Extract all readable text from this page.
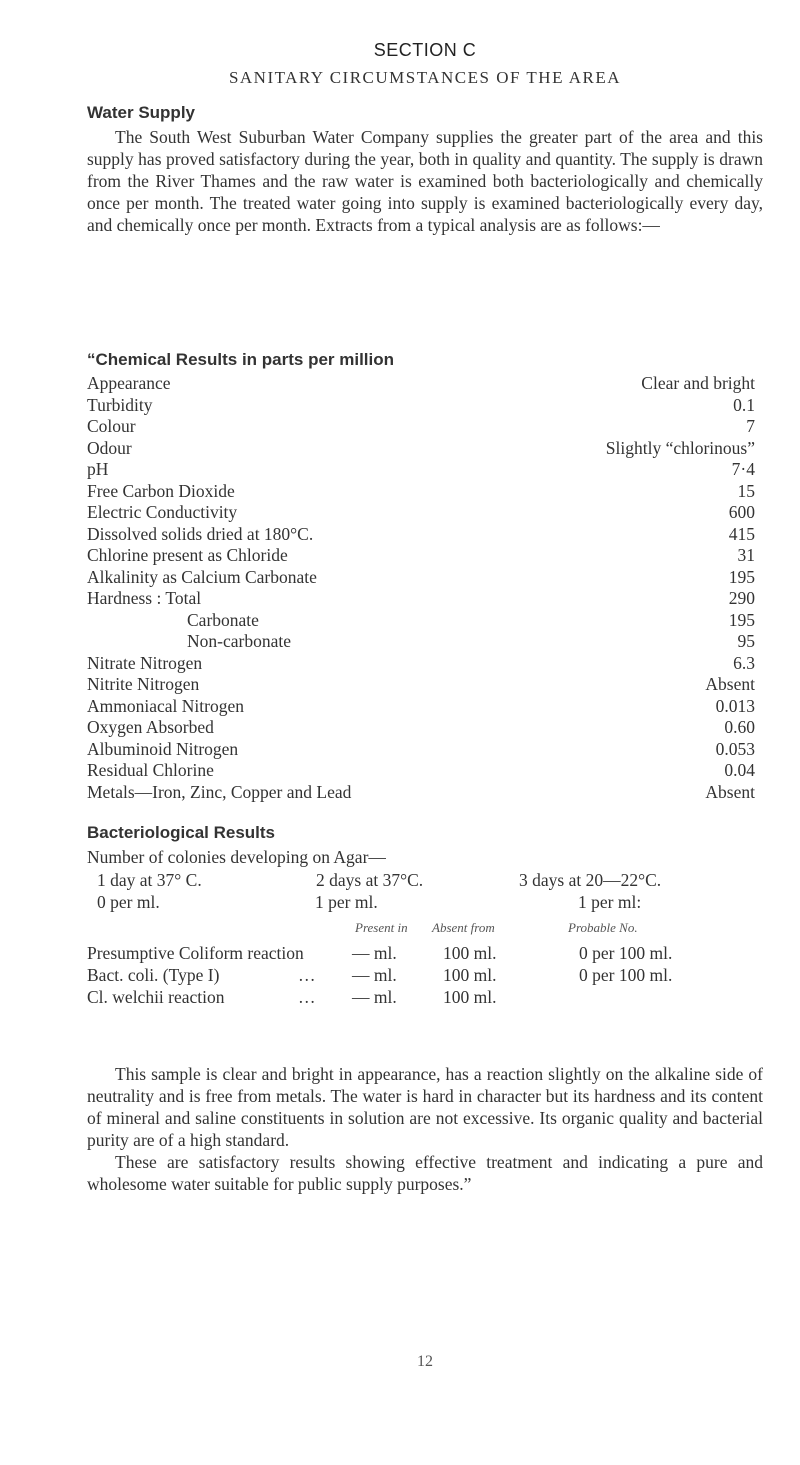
SECTION C
SANITARY CIRCUMSTANCES OF THE AREA
Water Supply
The South West Suburban Water Company supplies the greater part of the area and this supply has proved satisfactory during the year, both in quality and quantity. The supply is drawn from the River Thames and the raw water is examined both bacteriologically and chemically once per month. The treated water going into supply is examined bacteriologically every day, and chemically once per month. Extracts from a typical analysis are as follows:—
“Chemical Results in parts per million
Appearance	Clear and bright
Turbidity	0.1
Colour	7
Odour	Slightly “chlorinous”
pH	7·4
Free Carbon Dioxide	15
Electric Conductivity	600
Dissolved solids dried at 180°C.	415
Chlorine present as Chloride	31
Alkalinity as Calcium Carbonate	195
Hardness : Total	290
Carbonate	195
Non-carbonate	95
Nitrate Nitrogen	6.3
Nitrite Nitrogen	Absent
Ammoniacal Nitrogen	0.013
Oxygen Absorbed	0.60
Albuminoid Nitrogen	0.053
Residual Chlorine	0.04
Metals—Iron, Zinc, Copper and Lead	Absent
Bacteriological Results
Number of colonies developing on Agar—
1 day at 37° C.	2 days at 37°C.	3 days at 20—22°C.
0 per ml.	1 per ml.	1 per ml:
Present in Absent from	Probable No.
Presumptive Coliform reaction	— ml.	100 ml.	0 per 100 ml.
Bact. coli. (Type I)	… — ml.	100 ml.	0 per 100 ml.
Cl. welchii reaction	… — ml.	100 ml.
This sample is clear and bright in appearance, has a reaction slightly on the alkaline side of neutrality and is free from metals. The water is hard in character but its hardness and its content of mineral and saline constituents in solution are not excessive. Its organic quality and bacterial purity are of a high standard.
These are satisfactory results showing effective treatment and indicating a pure and wholesome water suitable for public supply purposes.”
12
